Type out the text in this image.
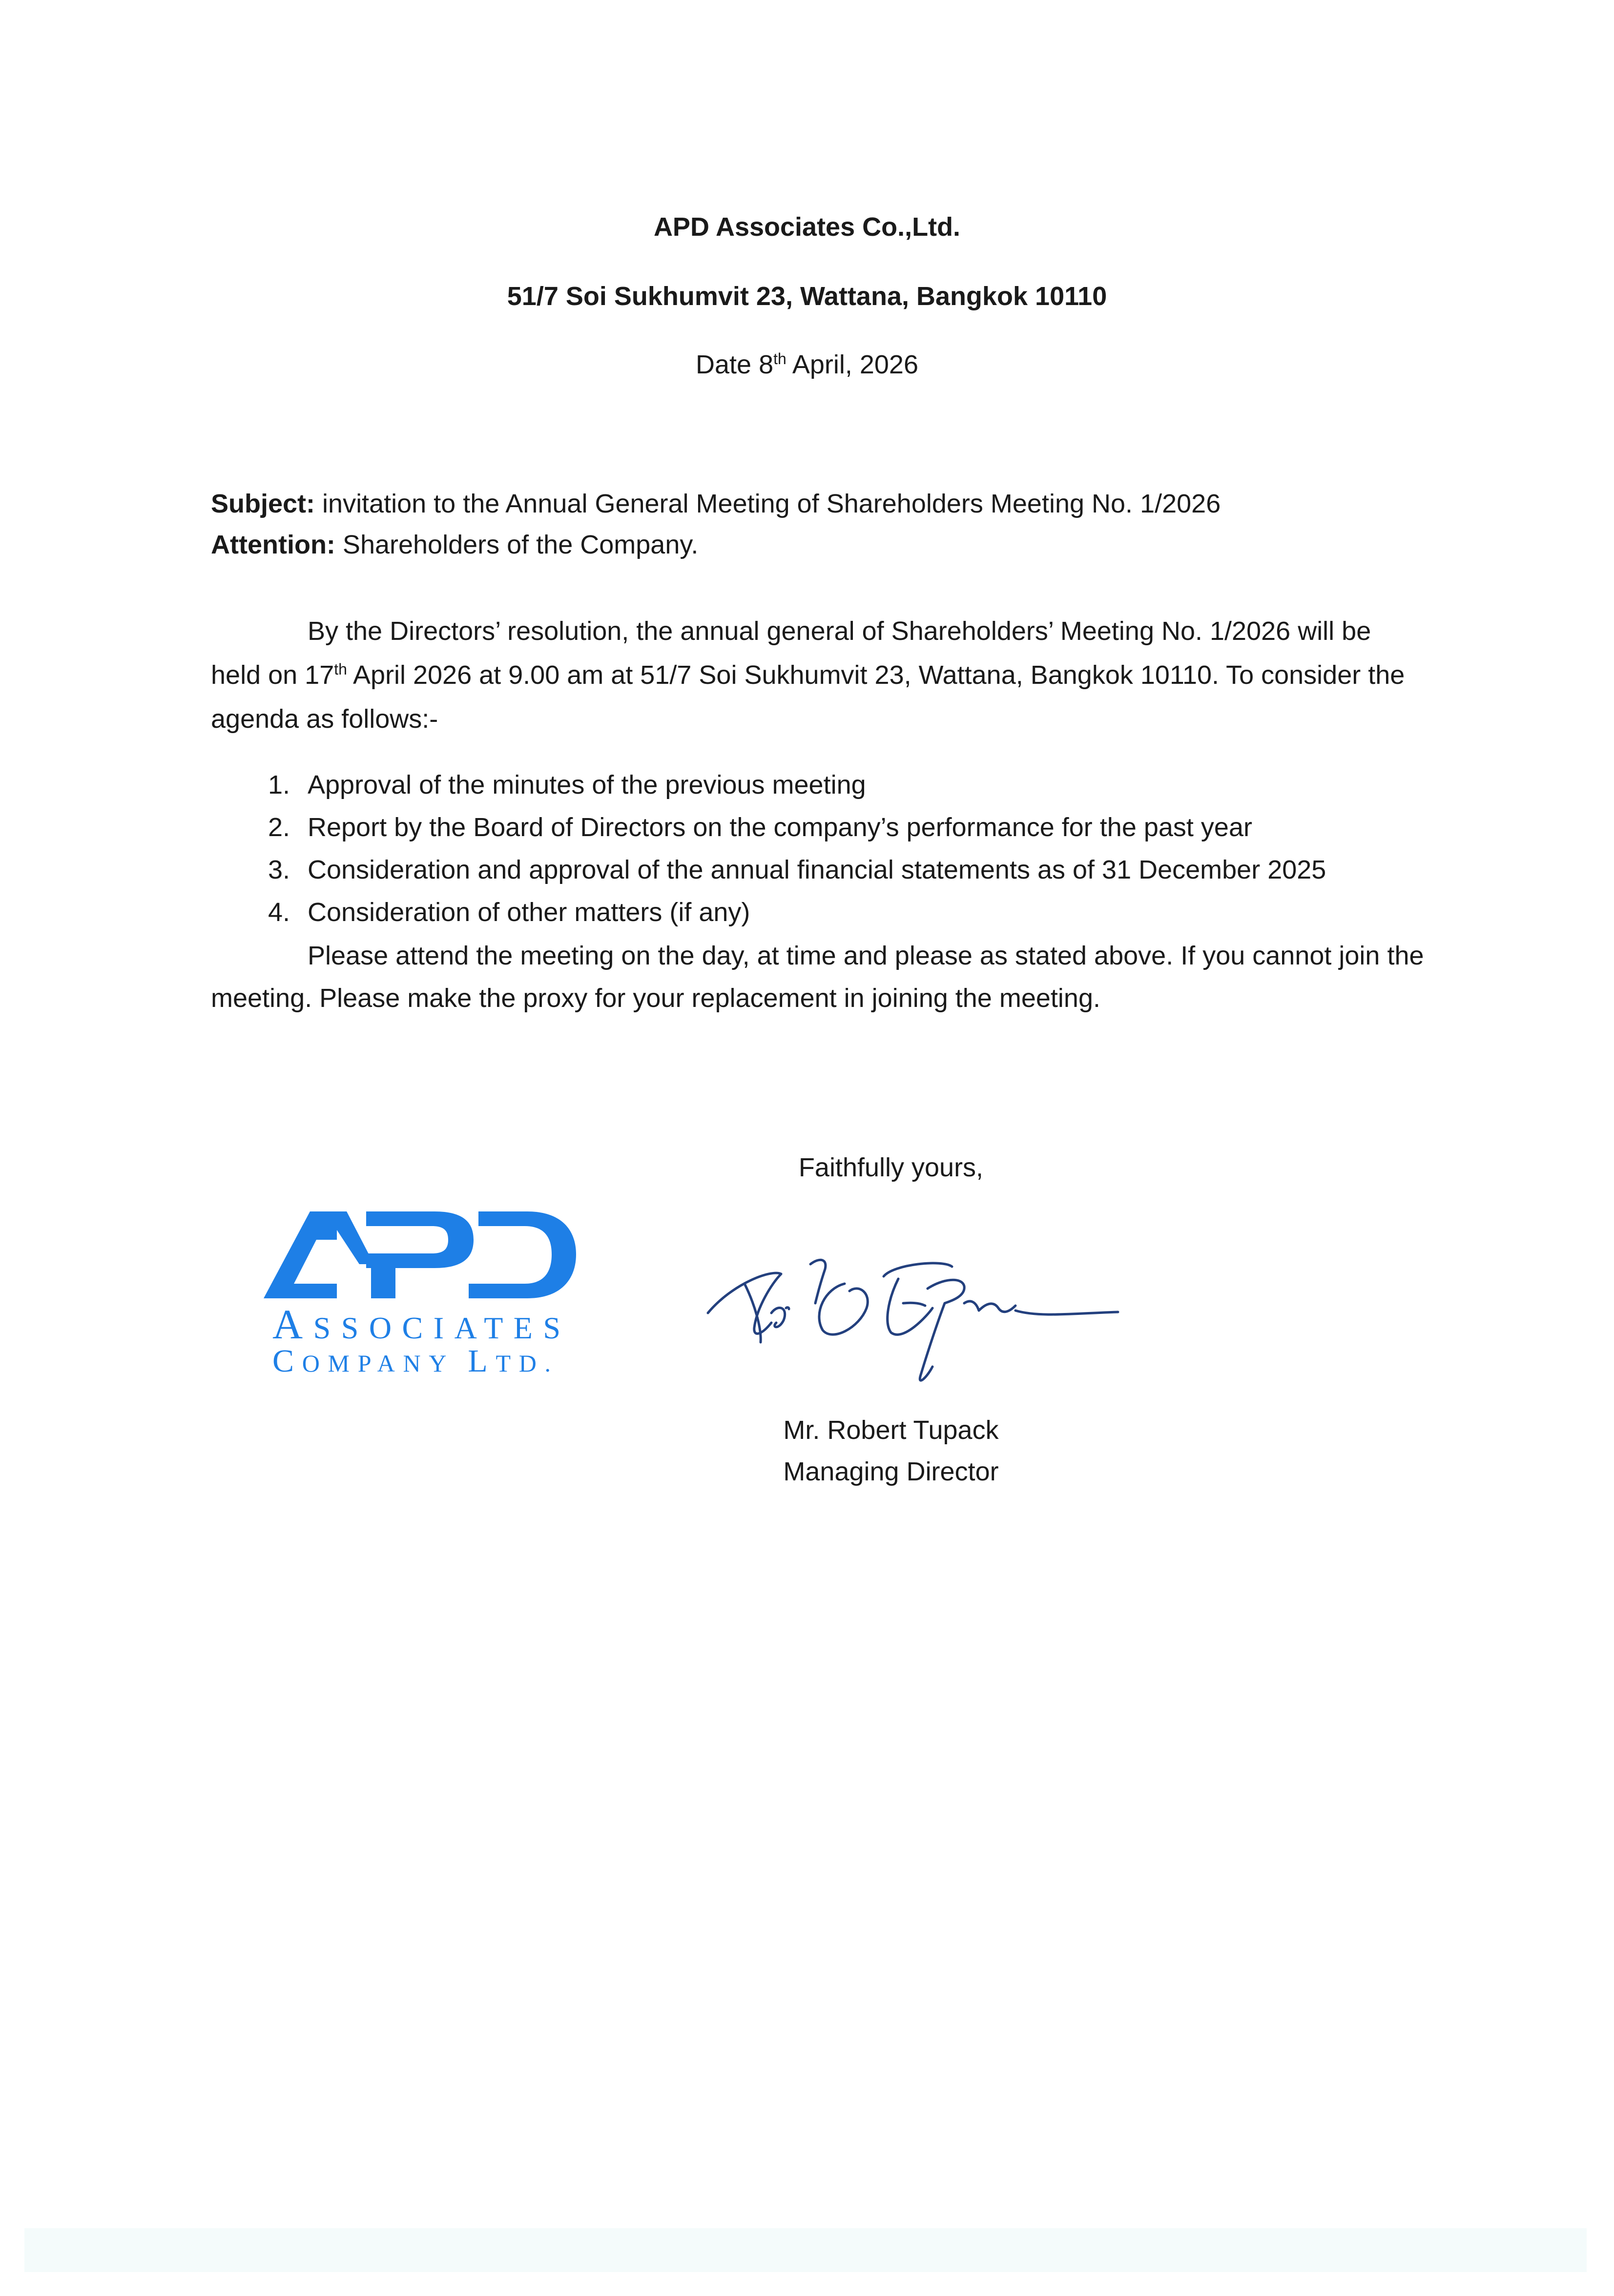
APD Associates Co.,Ltd.
51/7 Soi Sukhumvit 23, Wattana, Bangkok 10110
Date 8th April, 2026
Subject: invitation to the Annual General Meeting of Shareholders Meeting No. 1/2026
Attention: Shareholders of the Company.
By the Directors’ resolution, the annual general of Shareholders’ Meeting No. 1/2026 will be
held on 17th April 2026 at 9.00 am at 51/7 Soi Sukhumvit 23, Wattana, Bangkok 10110. To consider the
agenda as follows:-
1. Approval of the minutes of the previous meeting
2. Report by the Board of Directors on the company’s performance for the past year
3. Consideration and approval of the annual financial statements as of 31 December 2025
4. Consideration of other matters (if any)
Please attend the meeting on the day, at time and please as stated above. If you cannot join the
meeting. Please make the proxy for your replacement in joining the meeting.
Faithfully yours,
A SSOCIATES
C OMPANY L TD.
Mr. Robert Tupack
Managing Director
